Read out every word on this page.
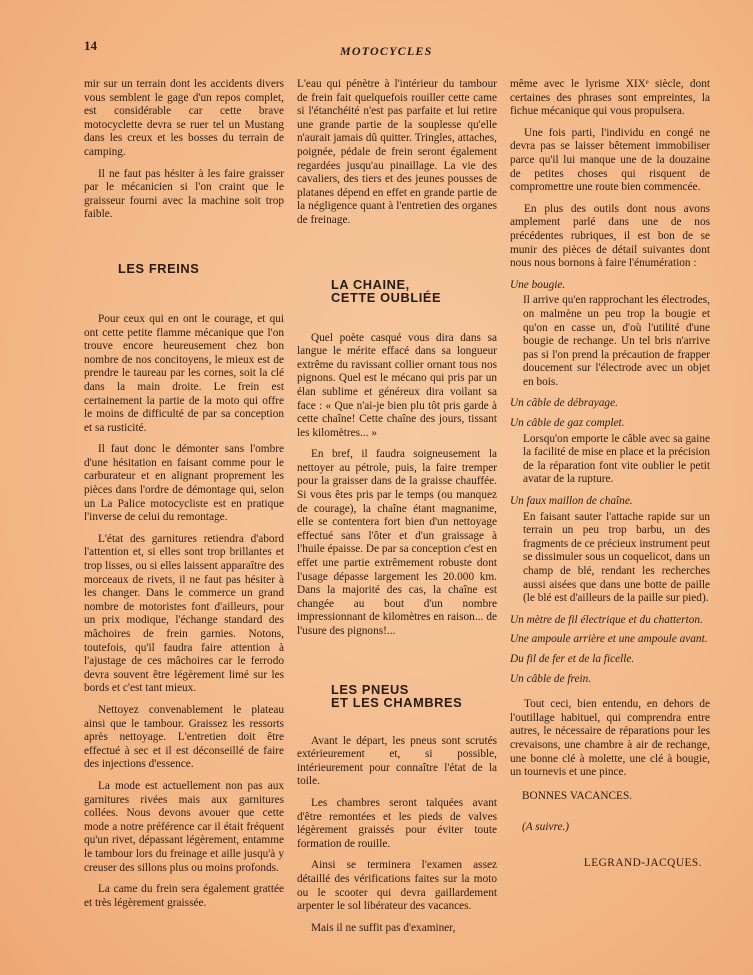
14	MOTOCYCLES

mir sur un terrain dont les accidents divers vous semblent le gage d'un repos complet, est considérable car cette brave motocyclette devra se ruer tel un Mustang dans les creux et les bosses du terrain de camping.

Il ne faut pas hésiter à les faire graisser par le mécanicien si l'on craint que le graisseur fourni avec la machine soit trop faible.

LES FREINS

Pour ceux qui en ont le courage, et qui ont cette petite flamme mécanique que l'on trouve encore heureusement chez bon nombre de nos concitoyens, le mieux est de prendre le taureau par les cornes, soit la clé dans la main droite. Le frein est certainement la partie de la moto qui offre le moins de difficulté de par sa conception et sa rusticité.

Il faut donc le démonter sans l'ombre d'une hésitation en faisant comme pour le carburateur et en alignant proprement les pièces dans l'ordre de démontage qui, selon un La Palice motocycliste est en pratique l'inverse de celui du remontage.

L'état des garnitures retiendra d'abord l'attention et, si elles sont trop brillantes et trop lisses, ou si elles laissent apparaître des morceaux de rivets, il ne faut pas hésiter à les changer. Dans le commerce un grand nombre de motoristes font d'ailleurs, pour un prix modique, l'échange standard des mâchoires de frein garnies. Notons, toutefois, qu'il faudra faire attention à l'ajustage de ces mâchoires car le ferrodo devra souvent être légèrement limé sur les bords et c'est tant mieux.

Nettoyez convenablement le plateau ainsi que le tambour. Graissez les ressorts après nettoyage. L'entretien doit être effectué à sec et il est déconseillé de faire des injections d'essence.

La mode est actuellement non pas aux garnitures rivées mais aux garnitures collées. Nous devons avouer que cette mode a notre préférence car il était fréquent qu'un rivet, dépassant légèrement, entamme le tambour lors du freinage et aille jusqu'à y creuser des sillons plus ou moins profonds.

La came du frein sera également grattée et très légèrement graissée.

L'eau qui pénètre à l'intérieur du tambour de frein fait quelquefois rouiller cette came si l'étanchéité n'est pas parfaite et lui retire une grande partie de la souplesse qu'elle n'aurait jamais dû quitter. Tringles, attaches, poignée, pédale de frein seront également regardées jusqu'au pinaillage. La vie des cavaliers, des tiers et des jeunes pousses de platanes dépend en effet en grande partie de la négligence quant à l'entretien des organes de freinage.

LA CHAINE,
CETTE OUBLIÉE

Quel poète casqué vous dira dans sa langue le mérite effacé dans sa longueur extrême du ravissant collier ornant tous nos pignons. Quel est le mécano qui pris par un élan sublime et généreux dira voilant sa face : « Que n'ai-je bien plu tôt pris garde à cette chaîne! Cette chaîne des jours, tissant les kilomètres... »

En bref, il faudra soigneusement la nettoyer au pétrole, puis, la faire tremper pour la graisser dans de la graisse chauffée. Si vous êtes pris par le temps (ou manquez de courage), la chaîne étant magnanime, elle se contentera fort bien d'un nettoyage effectué sans l'ôter et d'un graissage à l'huile épaisse. De par sa conception c'est en effet une partie extrêmement robuste dont l'usage dépasse largement les 20.000 km. Dans la majorité des cas, la chaîne est changée au bout d'un nombre impressionnant de kilomètres en raison... de l'usure des pignons!...

LES PNEUS
ET LES CHAMBRES

Avant le départ, les pneus sont scrutés extérieurement et, si possible, intérieurement pour connaître l'état de la toile.

Les chambres seront talquées avant d'être remontées et les pieds de valves légèrement graissés pour éviter toute formation de rouille.

Ainsi se terminera l'examen assez détaillé des vérifications faites sur la moto ou le scooter qui devra gaillardement arpenter le sol libérateur des vacances.

Mais il ne suffit pas d'examiner,

même avec le lyrisme XIXᵉ siècle, dont certaines des phrases sont empreintes, la fichue mécanique qui vous propulsera.

Une fois parti, l'individu en congé ne devra pas se laisser bêtement immobiliser parce qu'il lui manque une de la douzaine de petites choses qui risquent de compromettre une route bien commencée.

En plus des outils dont nous avons amplement parlé dans une de nos précédentes rubriques, il est bon de se munir des pièces de détail suivantes dont nous nous bornons à faire l'énumération :

Une bougie.

Il arrive qu'en rapprochant les électrodes, on malmène un peu trop la bougie et qu'on en casse un, d'où l'utilité d'une bougie de rechange. Un tel bris n'arrive pas si l'on prend la précaution de frapper doucement sur l'électrode avec un objet en bois.

Un câble de débrayage.
Un câble de gaz complet.

Lorsqu'on emporte le câble avec sa gaine la facilité de mise en place et la précision de la réparation font vite oublier le petit avatar de la rupture.

Un faux maillon de chaîne.

En faisant sauter l'attache rapide sur un terrain un peu trop barbu, un des fragments de ce précieux instrument peut se dissimuler sous un coquelicot, dans un champ de blé, rendant les recherches aussi aisées que dans une botte de paille (le blé est d'ailleurs de la paille sur pied).

Un mètre de fil électrique et du chatterton.
Une ampoule arrière et une ampoule avant.
Du fil de fer et de la ficelle.
Un câble de frein.

Tout ceci, bien entendu, en dehors de l'outillage habituel, qui comprendra entre autres, le nécessaire de réparations pour les crevaisons, une chambre à air de rechange, une bonne clé à molette, une clé à bougie, un tournevis et une pince.

BONNES VACANCES.
(A suivre.)
LEGRAND-JACQUES.
